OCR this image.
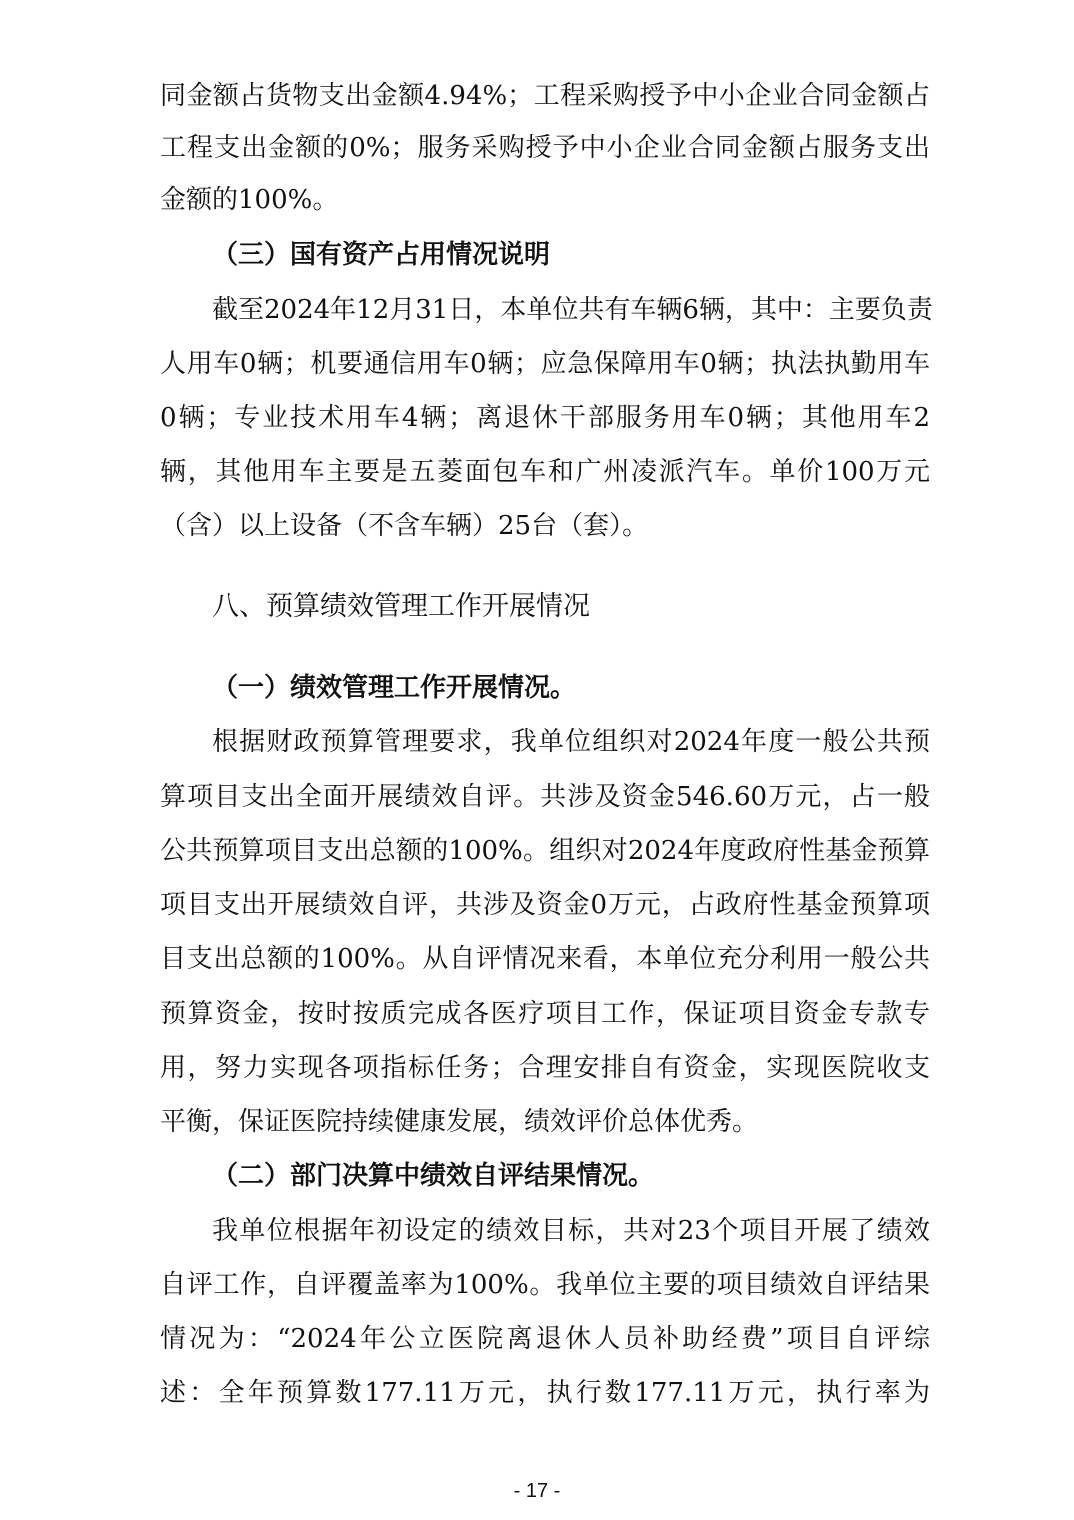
同金额占货物支出金额4.94%；工程采购授予中小企业合同金额占
工程支出金额的0%；服务采购授予中小企业合同金额占服务支出
金额的100%。
（三）国有资产占用情况说明
截至2024年12月31日，本单位共有车辆6辆，其中：主要负责
人用车0辆；机要通信用车0辆；应急保障用车0辆；执法执勤用车
0辆；专业技术用车4辆；离退休干部服务用车0辆；其他用车2
辆，其他用车主要是五菱面包车和广州凌派汽车。单价100万元
（含）以上设备（不含车辆）25台（套）。
八、预算绩效管理工作开展情况
（一）绩效管理工作开展情况。
根据财政预算管理要求，我单位组织对2024年度一般公共预
算项目支出全面开展绩效自评。共涉及资金546.60万元，占一般
公共预算项目支出总额的100%。组织对2024年度政府性基金预算
项目支出开展绩效自评，共涉及资金0万元，占政府性基金预算项
目支出总额的100%。从自评情况来看，本单位充分利用一般公共
预算资金，按时按质完成各医疗项目工作，保证项目资金专款专
用，努力实现各项指标任务；合理安排自有资金，实现医院收支
平衡，保证医院持续健康发展，绩效评价总体优秀。
（二）部门决算中绩效自评结果情况。
我单位根据年初设定的绩效目标，共对23个项目开展了绩效
自评工作，自评覆盖率为100%。我单位主要的项目绩效自评结果
情况为：“2024年公立医院离退休人员补助经费”项目自评综
述：全年预算数177.11万元，执行数177.11万元，执行率为
- 17 -
